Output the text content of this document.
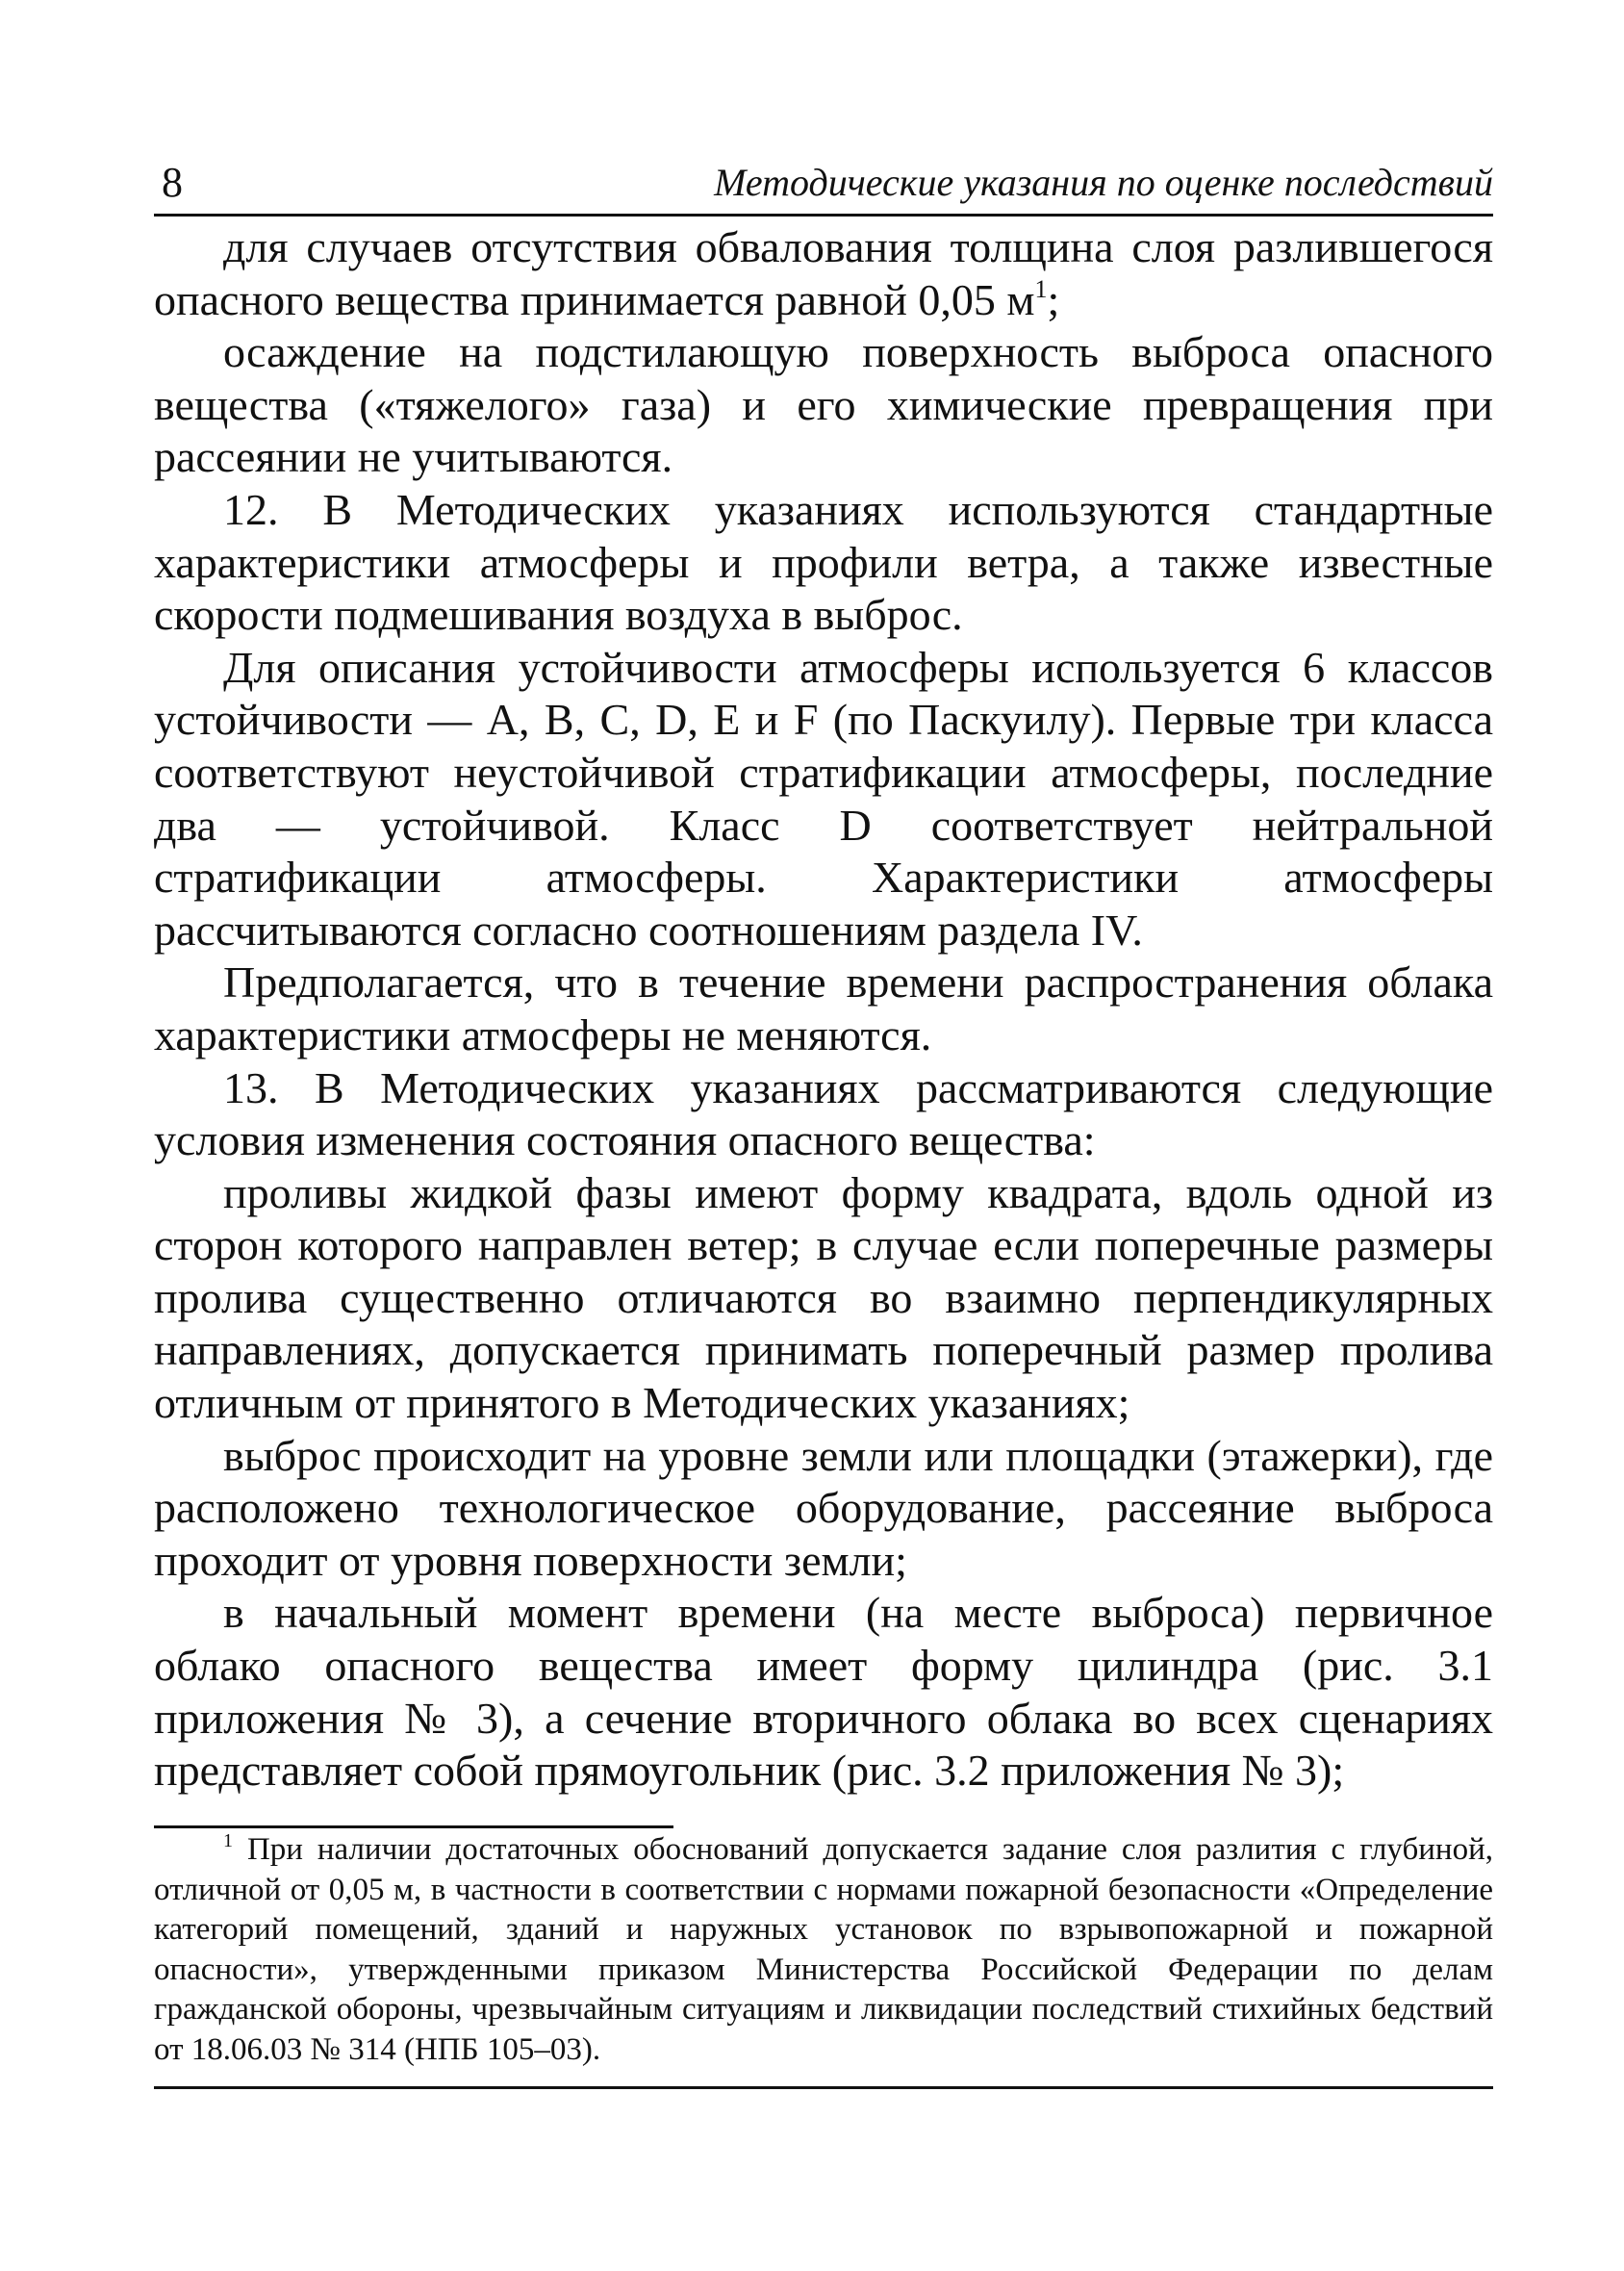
8	Методические указания по оценке последствий

для случаев отсутствия обвалования толщина слоя разлившегося опасного вещества принимается равной 0,05 $м^1$;

осаждение на подстилающую поверхность выброса опасного вещества («тяжелого» газа) и его химические превращения при рассеянии не учитываются.

12. В Методических указаниях используются стандартные характеристики атмосферы и профили ветра, а также известные скорости подмешивания воздуха в выброс.

Для описания устойчивости атмосферы используется 6 классов устойчивости — A, B, C, D, E и F (по Паскуилу). Первые три класса соответствуют неустойчивой стратификации атмосферы, последние два — устойчивой. Класс D соответствует нейтральной стратификации атмосферы. Характеристики атмосферы рассчитываются согласно соотношениям раздела IV.

Предполагается, что в течение времени распространения облака характеристики атмосферы не меняются.

13. В Методических указаниях рассматриваются следующие условия изменения состояния опасного вещества:

проливы жидкой фазы имеют форму квадрата, вдоль одной из сторон которого направлен ветер; в случае если поперечные размеры пролива существенно отличаются во взаимно перпендикулярных направлениях, допускается принимать поперечный размер пролива отличным от принятого в Методических указаниях;

выброс происходит на уровне земли или площадки (этажерки), где расположено технологическое оборудование, рассеяние выброса проходит от уровня поверхности земли;

в начальный момент времени (на месте выброса) первичное облако опасного вещества имеет форму цилиндра (рис. 3.1 приложения № 3), а сечение вторичного облака во всех сценариях представляет собой прямоугольник (рис. 3.2 приложения № 3);

$^1$ При наличии достаточных обоснований допускается задание слоя разлития с глубиной, отличной от 0,05 м, в частности в соответствии с нормами пожарной безопасности «Определение категорий помещений, зданий и наружных установок по взрывопожарной и пожарной опасности», утвержденными приказом Министерства Российской Федерации по делам гражданской обороны, чрезвычайным ситуациям и ликвидации последствий стихийных бедствий от 18.06.03 № 314 (НПБ 105–03).
